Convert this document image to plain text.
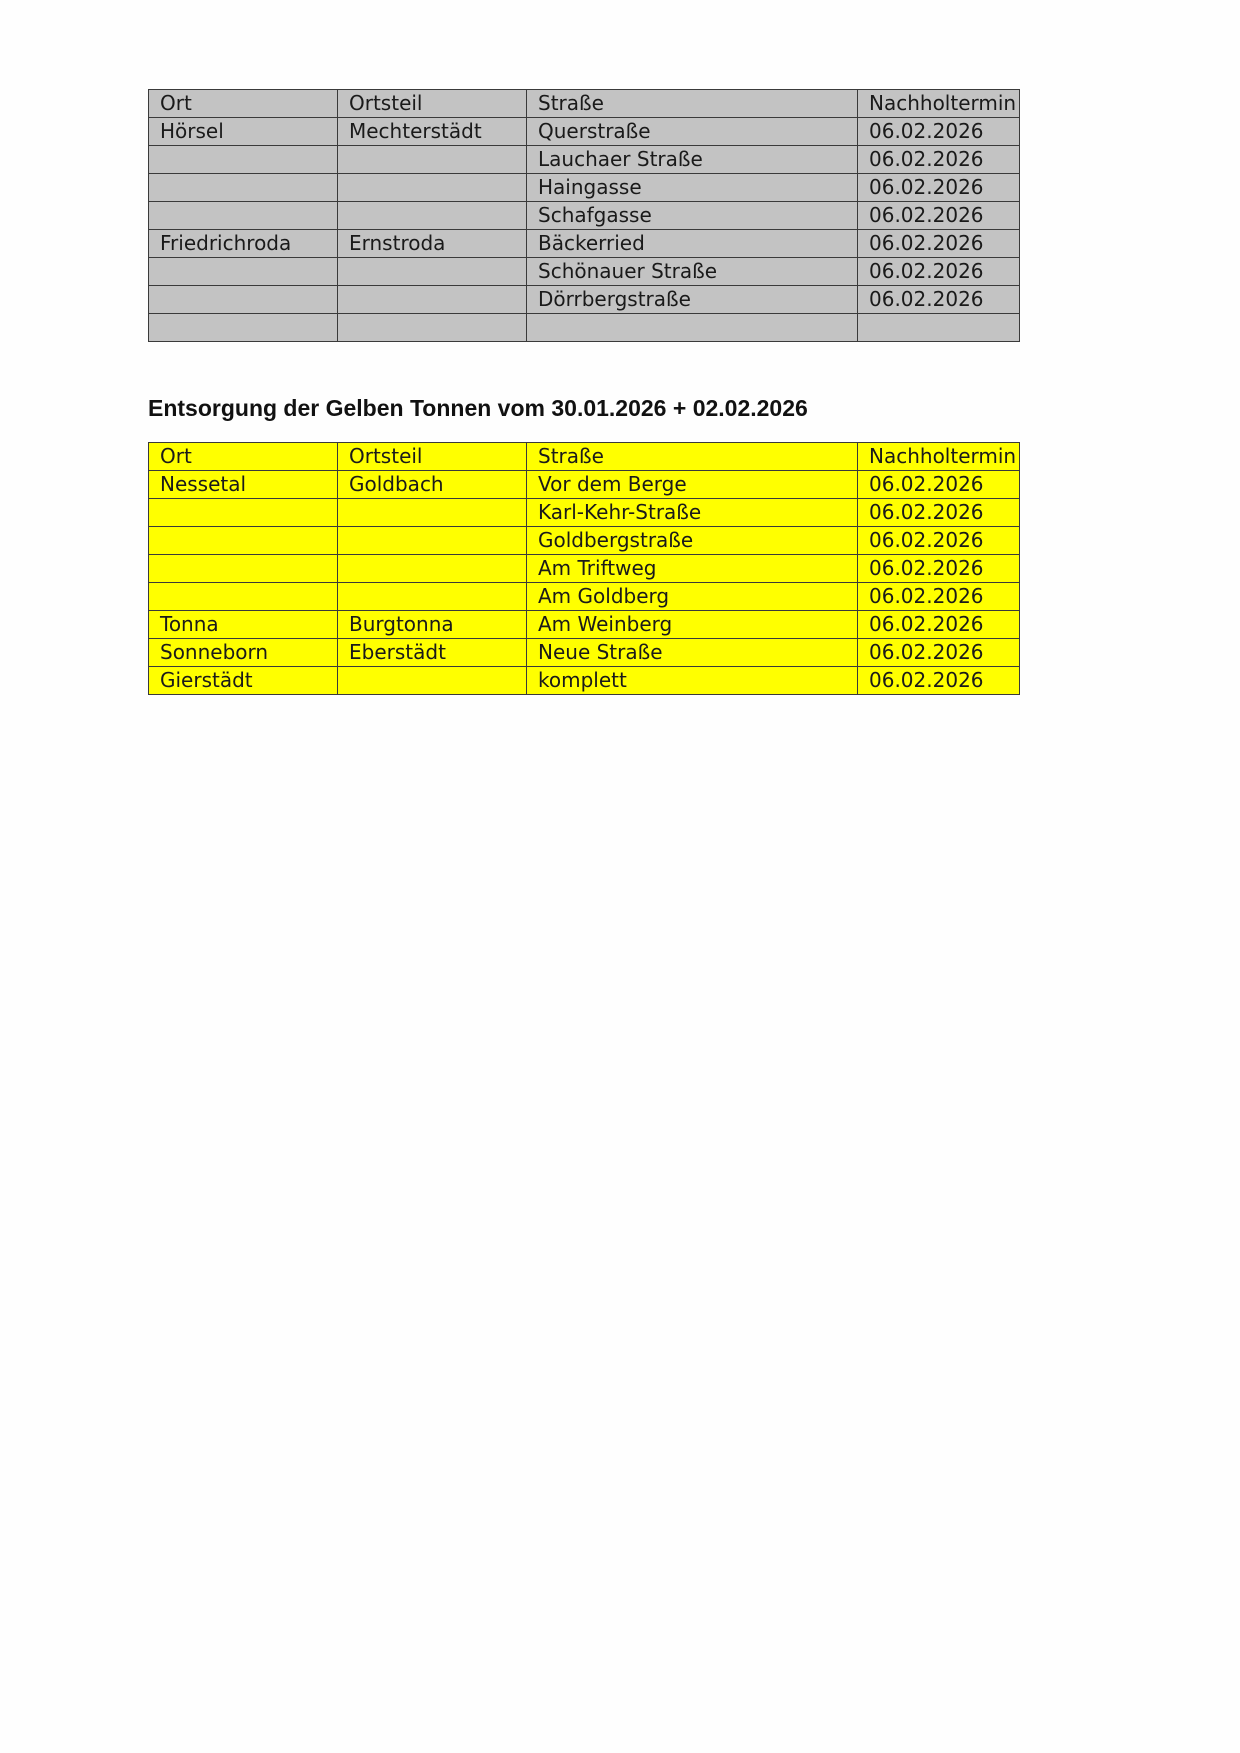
Ort	Ortsteil	Straße	Nachholtermin
Hörsel	Mechterstädt	Querstraße	06.02.2026
		Lauchaer Straße	06.02.2026
		Haingasse	06.02.2026
		Schafgasse	06.02.2026
Friedrichroda	Ernstroda	Bäckerried	06.02.2026
		Schönauer Straße	06.02.2026
		Dörrbergstraße	06.02.2026

Entsorgung der Gelben Tonnen vom 30.01.2026 + 02.02.2026
Ort	Ortsteil	Straße	Nachholtermin
Nessetal	Goldbach	Vor dem Berge	06.02.2026
		Karl-Kehr-Straße	06.02.2026
		Goldbergstraße	06.02.2026
		Am Triftweg	06.02.2026
		Am Goldberg	06.02.2026
Tonna	Burgtonna	Am Weinberg	06.02.2026
Sonneborn	Eberstädt	Neue Straße	06.02.2026
Gierstädt		komplett	06.02.2026
